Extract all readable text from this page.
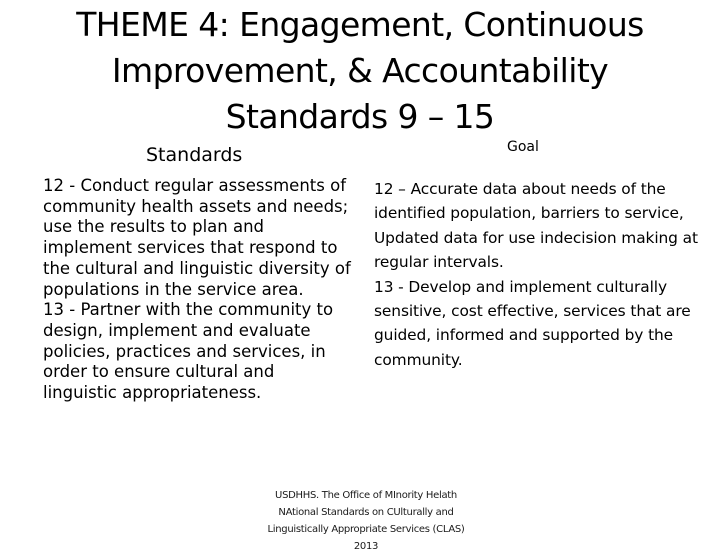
THEME 4: Engagement, Continuous
Improvement, & Accountability
Standards 9 – 15
Standards	Goal

12 - Conduct regular assessments of community health assets and needs; use the results to plan and implement services that respond to the cultural and linguistic diversity of populations in the service area.

13 - Partner with the community to design, implement and evaluate policies, practices and services, in order to ensure cultural and linguistic appropriateness.

12 – Accurate data about needs of the identified population, barriers to service, Updated data for use indecision making at regular intervals.

13 - Develop and implement culturally sensitive, cost effective, services that are guided, informed and supported by the community.

USDHHS. The Office of MInority Helath
NAtional Standards on CUlturally and
Linguistically Appropriate Services (CLAS)
2013
